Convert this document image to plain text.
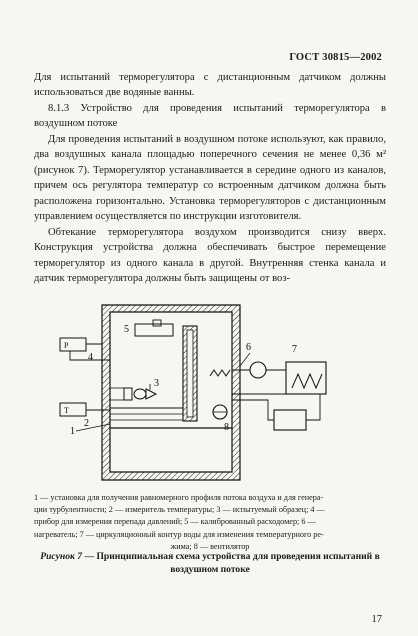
ГОСТ 30815—2002

Для испытаний терморегулятора с дистанционным датчиком должны использоваться две водяные ванны.

8.1.3 Устройство для проведения испытаний терморегулятора в воздушном потоке

Для проведения испытаний в воздушном потоке используют, как правило, два воздушных канала площадью поперечного сечения не менее 0,36 м² (рисунок 7). Терморегулятор устанавливается в середине одного из каналов, причем ось регулятора температур со встроенным датчиком должна быть расположена горизонтально. Установка терморегуляторов с дистанционным управлением осуществляется по инструкции изготовителя.

Обтекание терморегулятора воздухом производится снизу вверх. Конструкция устройства должна обеспечивать быстрое перемещение терморегулятор из одного канала в другой. Внутренняя стенка канала и датчик терморегулятора должны быть защищены от воз-

5
P
4
3
T
2
1
6	7
8

1 — установка для получения равномерного профиля потока воздуха и для генера-
ции турбулентности; 2 — измеритель температуры; 3 — испытуемый образец; 4 —
прибор для измерения перепада давлений; 5 — калиброванный расходомер; 6 —
нагреватель; 7 — циркуляционный контур воды для изменения температурного ре-
жима; 8 — вентилятор

Рисунок 7 — Принципиальная схема устройства для проведения испытаний в воздушном потоке

17
